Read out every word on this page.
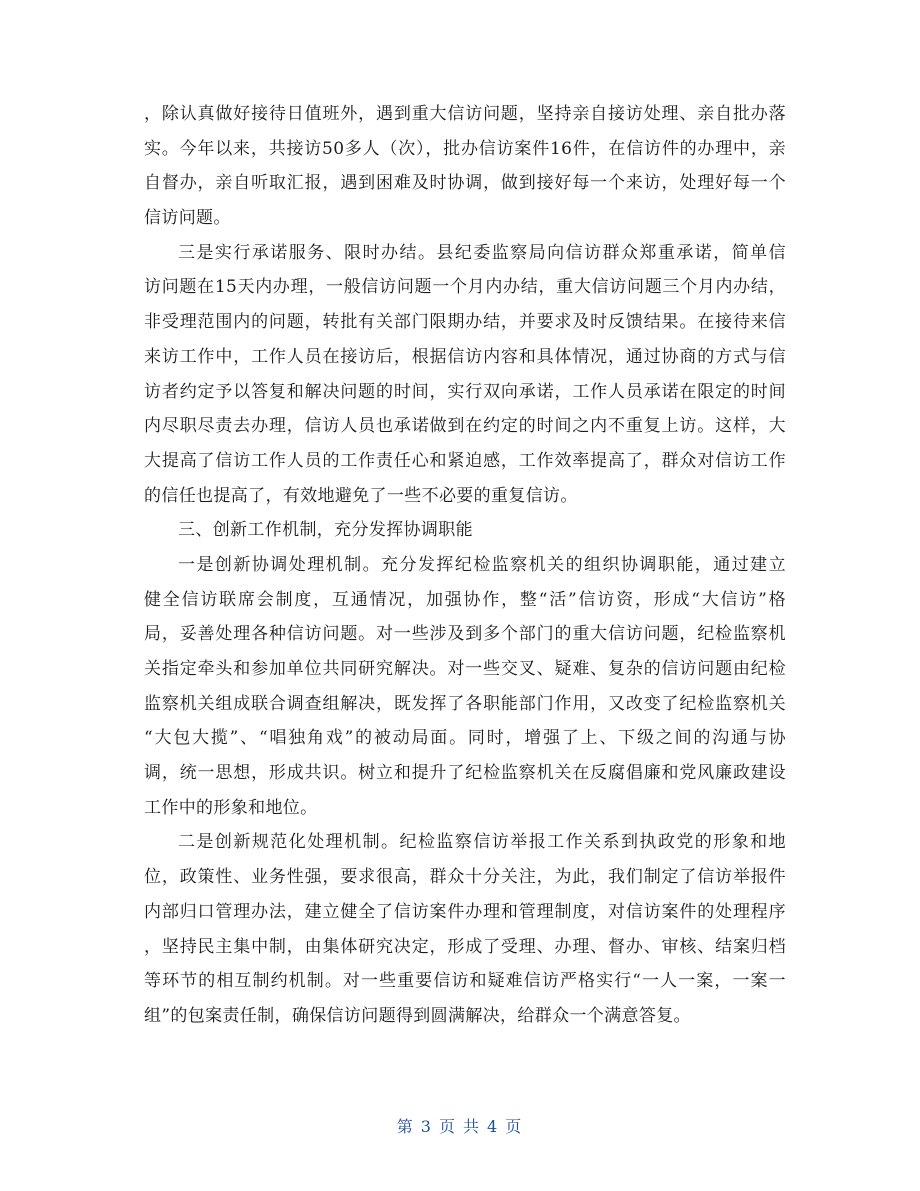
，除认真做好接待日值班外，遇到重大信访问题，坚持亲自接访处理、亲自批办落
实。今年以来，共接访50多人（次），批办信访案件16件，在信访件的办理中，亲
自督办，亲自听取汇报，遇到困难及时协调，做到接好每一个来访，处理好每一个
信访问题。
三是实行承诺服务、限时办结。县纪委监察局向信访群众郑重承诺，简单信
访问题在15天内办理，一般信访问题一个月内办结，重大信访问题三个月内办结，
非受理范围内的问题，转批有关部门限期办结，并要求及时反馈结果。在接待来信
来访工作中，工作人员在接访后，根据信访内容和具体情况，通过协商的方式与信
访者约定予以答复和解决问题的时间，实行双向承诺，工作人员承诺在限定的时间
内尽职尽责去办理，信访人员也承诺做到在约定的时间之内不重复上访。这样，大
大提高了信访工作人员的工作责任心和紧迫感，工作效率提高了，群众对信访工作
的信任也提高了，有效地避免了一些不必要的重复信访。
三、创新工作机制，充分发挥协调职能
一是创新协调处理机制。充分发挥纪检监察机关的组织协调职能，通过建立
健全信访联席会制度，互通情况，加强协作，整“活”信访资，形成“大信访”格
局，妥善处理各种信访问题。对一些涉及到多个部门的重大信访问题，纪检监察机
关指定牵头和参加单位共同研究解决。对一些交叉、疑难、复杂的信访问题由纪检
监察机关组成联合调查组解决，既发挥了各职能部门作用，又改变了纪检监察机关
“大包大揽”、“唱独角戏”的被动局面。同时，增强了上、下级之间的沟通与协
调，统一思想，形成共识。树立和提升了纪检监察机关在反腐倡廉和党风廉政建设
工作中的形象和地位。
二是创新规范化处理机制。纪检监察信访举报工作关系到执政党的形象和地
位，政策性、业务性强，要求很高，群众十分关注，为此，我们制定了信访举报件
内部归口管理办法，建立健全了信访案件办理和管理制度，对信访案件的处理程序
，坚持民主集中制，由集体研究决定，形成了受理、办理、督办、审核、结案归档
等环节的相互制约机制。对一些重要信访和疑难信访严格实行“一人一案，一案一
组”的包案责任制，确保信访问题得到圆满解决，给群众一个满意答复。
第 3 页 共 4 页
